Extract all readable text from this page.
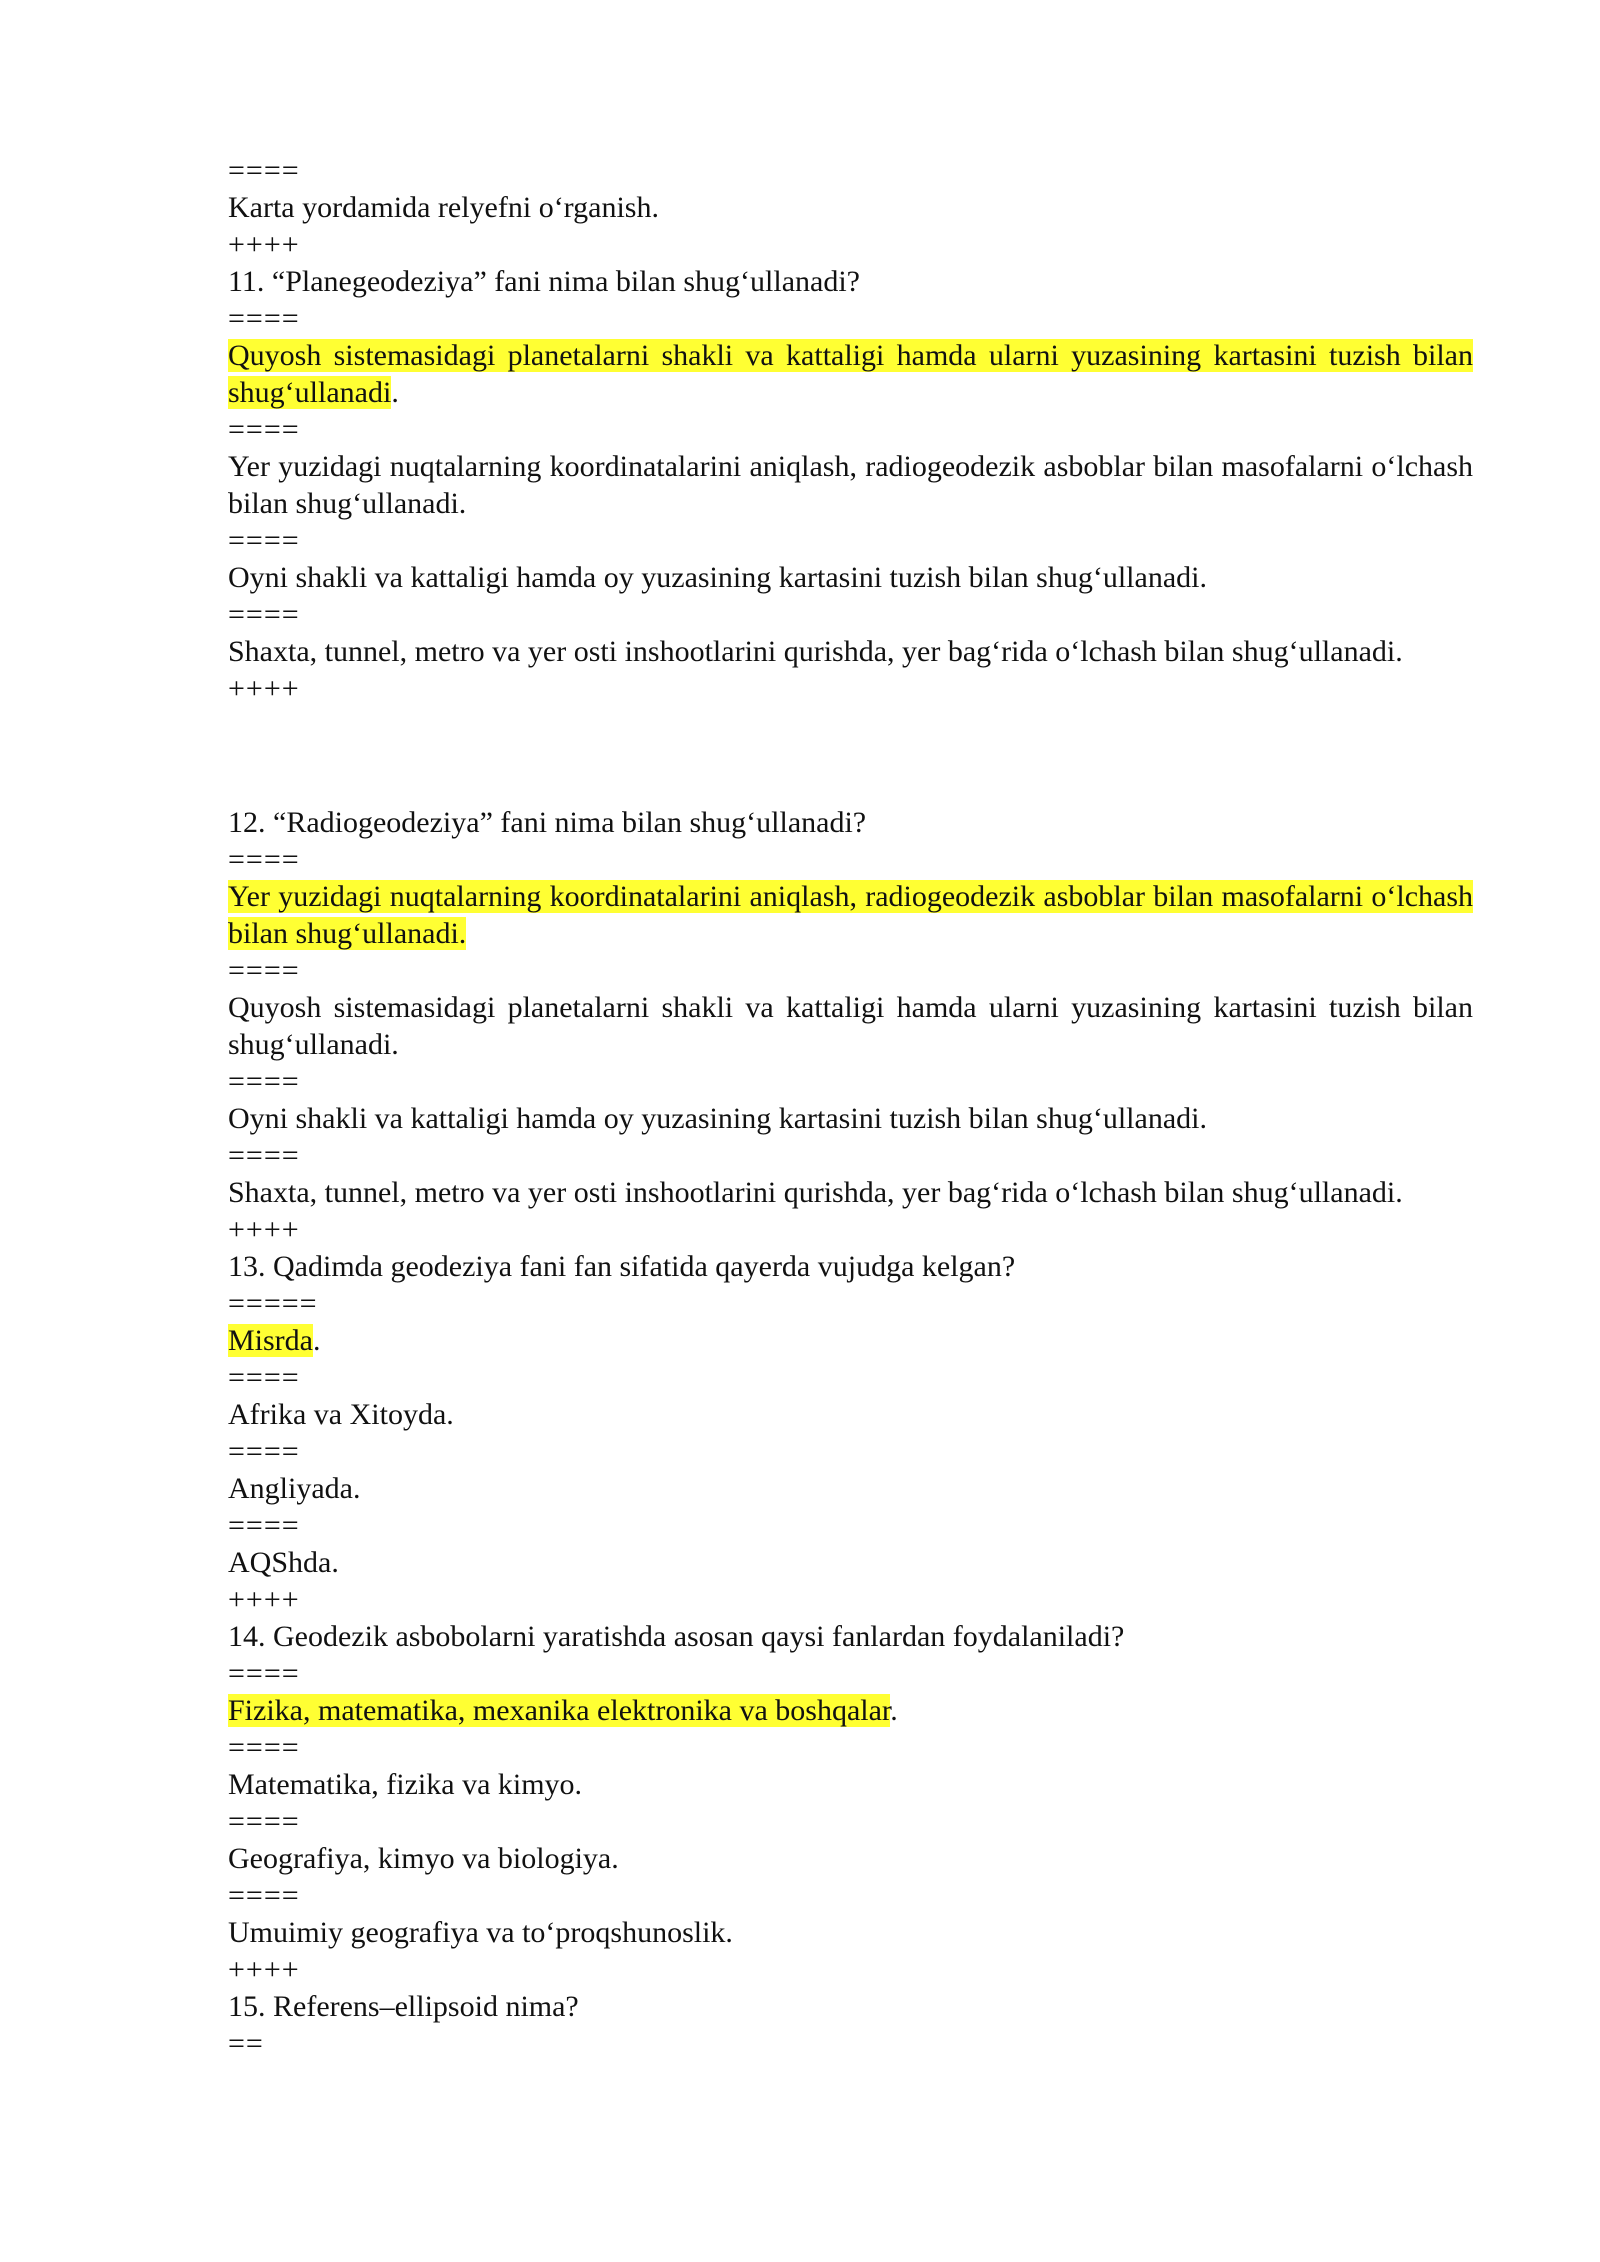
====

Karta yordamida relyefni o‘rganish.

++++

11. “Planegeodeziya” fani nima bilan shug‘ullanadi?

====

Quyosh sistemasidagi planetalarni shakli va kattaligi hamda ularni yuzasining kartasini tuzish bilan shug‘ullanadi.

====

Yer yuzidagi nuqtalarning koordinatalarini aniqlash, radiogeodezik asboblar bilan masofalarni o‘lchash bilan shug‘ullanadi.

====

Oyni shakli va kattaligi hamda oy yuzasining kartasini tuzish bilan shug‘ullanadi.

====

Shaxta, tunnel, metro va yer osti inshootlarini qurishda, yer bag‘rida o‘lchash bilan shug‘ullanadi.

++++

12. “Radiogeodeziya” fani nima bilan shug‘ullanadi?

====

Yer yuzidagi nuqtalarning koordinatalarini aniqlash, radiogeodezik asboblar bilan masofalarni o‘lchash bilan shug‘ullanadi.

====

Quyosh sistemasidagi planetalarni shakli va kattaligi hamda ularni yuzasining kartasini tuzish bilan shug‘ullanadi.

====

Oyni shakli va kattaligi hamda oy yuzasining kartasini tuzish bilan shug‘ullanadi.

====

Shaxta, tunnel, metro va yer osti inshootlarini qurishda, yer bag‘rida o‘lchash bilan shug‘ullanadi.

++++

13. Qadimda geodeziya fani fan sifatida qayerda vujudga kelgan?

=====

Misrda.

====

Afrika va Xitoyda.

====

Angliyada.

====

AQShda.

++++

14. Geodezik asbobolarni yaratishda asosan qaysi fanlardan foydalaniladi?

====

Fizika, matematika, mexanika elektronika va boshqalar.

====

Matematika, fizika va kimyo.

====

Geografiya, kimyo va biologiya.

====

Umuimiy geografiya va to‘proqshunoslik.

++++

15. Referens–ellipsoid nima?

==
